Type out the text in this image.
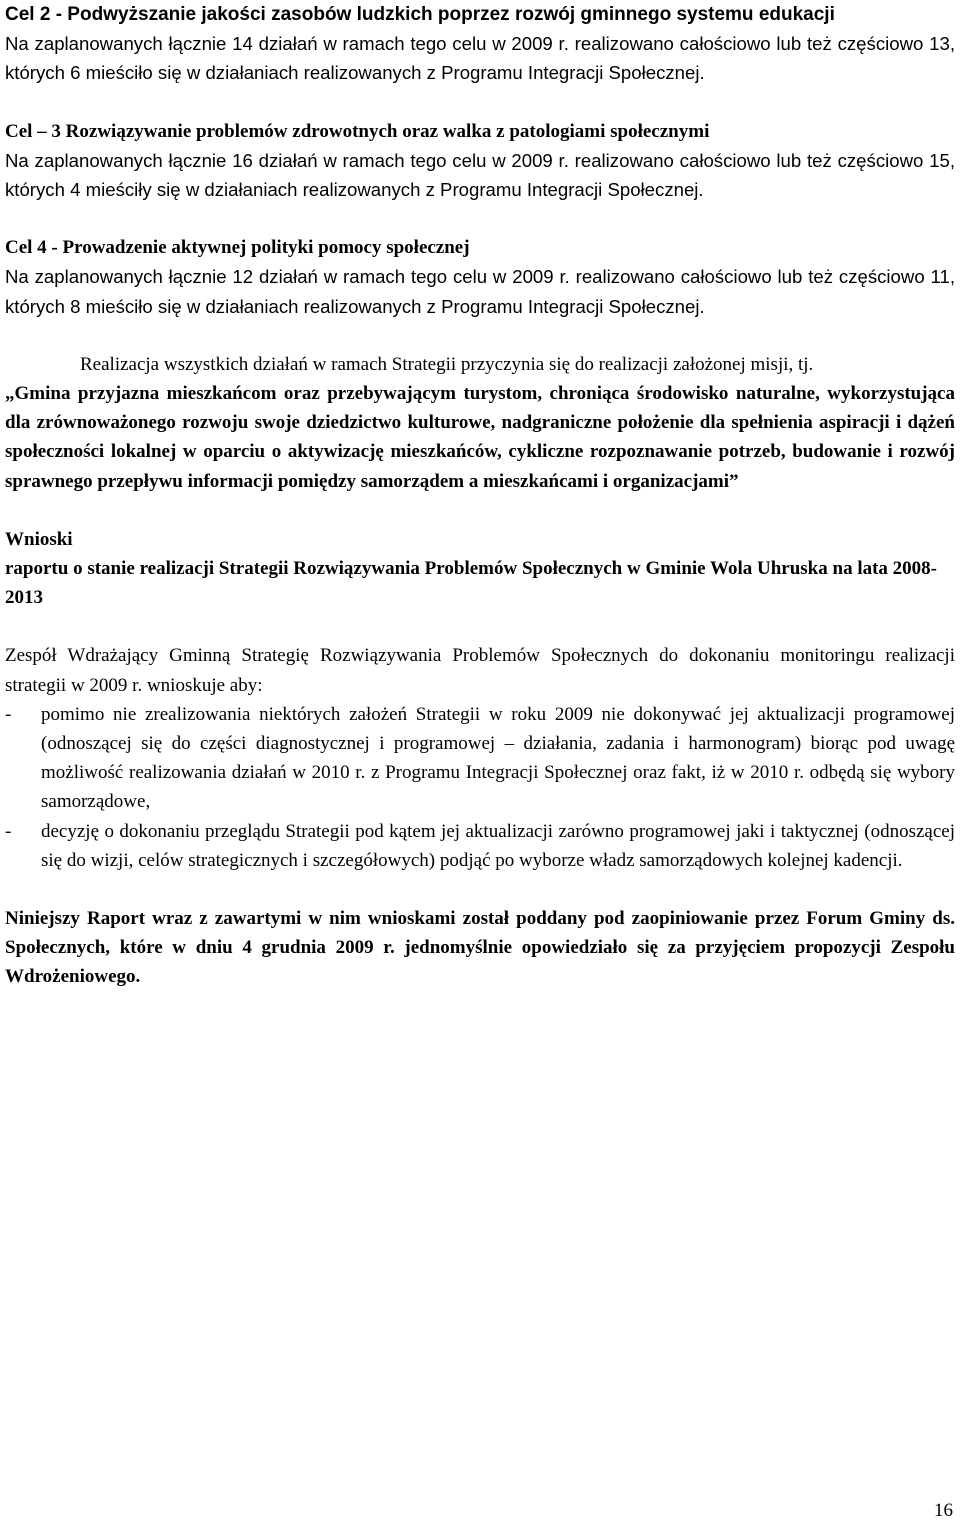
Cel 2 - Podwyższanie jakości zasobów ludzkich poprzez rozwój gminnego systemu edukacji

Na zaplanowanych łącznie 14 działań w ramach tego celu w 2009 r. realizowano całościowo lub też częściowo 13, których 6 mieściło się w działaniach realizowanych z Programu Integracji Społecznej.

Cel – 3 Rozwiązywanie problemów zdrowotnych oraz walka z patologiami społecznymi

Na zaplanowanych łącznie 16 działań w ramach tego celu w 2009 r. realizowano całościowo lub też częściowo 15, których 4 mieściły się w działaniach realizowanych z Programu Integracji Społecznej.

Cel 4 - Prowadzenie aktywnej polityki pomocy społecznej

Na zaplanowanych łącznie 12 działań w ramach tego celu w 2009 r. realizowano całościowo lub też częściowo 11, których 8 mieściło się w działaniach realizowanych z Programu Integracji Społecznej.

Realizacja wszystkich działań w ramach Strategii przyczynia się do realizacji założonej misji, tj.

„Gmina przyjazna mieszkańcom oraz przebywającym turystom, chroniąca środowisko naturalne, wykorzystująca dla zrównoważonego rozwoju swoje dziedzictwo kulturowe, nadgraniczne położenie dla spełnienia aspiracji i dążeń społeczności lokalnej w oparciu o aktywizację mieszkańców, cykliczne rozpoznawanie potrzeb, budowanie i rozwój sprawnego przepływu informacji pomiędzy samorządem a mieszkańcami i organizacjami”

Wnioski

raportu o stanie realizacji Strategii Rozwiązywania Problemów Społecznych w Gminie Wola Uhruska na lata 2008-2013

Zespół Wdrażający Gminną Strategię Rozwiązywania Problemów Społecznych do dokonaniu monitoringu realizacji strategii w 2009 r. wnioskuje aby:

-	pomimo nie zrealizowania niektórych założeń Strategii w roku 2009 nie dokonywać jej aktualizacji programowej (odnoszącej się do części diagnostycznej i programowej – działania, zadania i harmonogram) biorąc pod uwagę możliwość realizowania działań w 2010 r. z Programu Integracji Społecznej oraz fakt, iż w 2010 r. odbędą się wybory samorządowe,
-	decyzję o dokonaniu przeglądu Strategii pod kątem jej aktualizacji zarówno programowej jaki i taktycznej (odnoszącej się do wizji, celów strategicznych i szczegółowych) podjąć po wyborze władz samorządowych kolejnej kadencji.

Niniejszy Raport wraz z zawartymi w nim wnioskami został poddany pod zaopiniowanie przez Forum Gminy ds. Społecznych, które w dniu 4 grudnia 2009 r. jednomyślnie opowiedziało się za przyjęciem propozycji Zespołu Wdrożeniowego.

16
